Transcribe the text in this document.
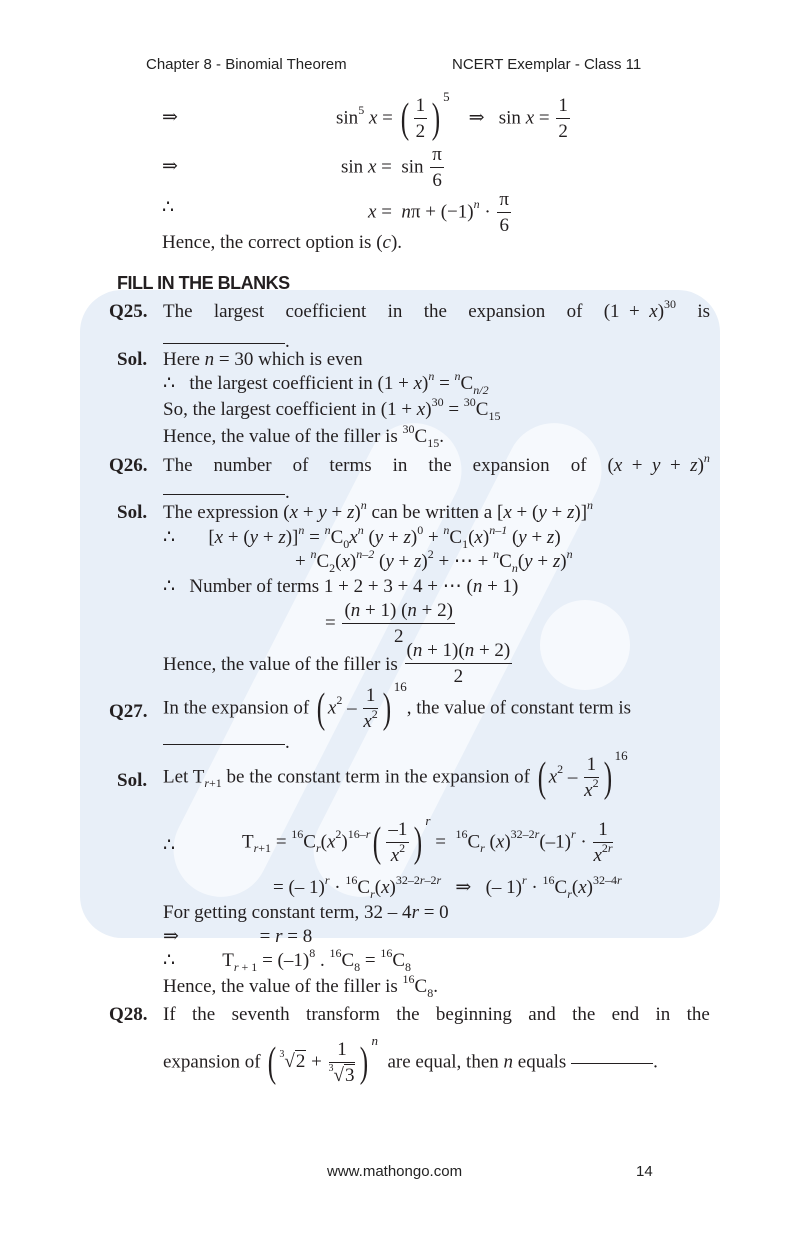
Chapter 8 - Binomial Theorem	NCERT Exemplar - Class 11
⇒	$\sin^5 x$ = ( $\frac{1}{2}$ ) $^5$    ⇒   $\sin x = \frac{1}{2}$
⇒	$\sin x = \sin \frac{\pi}{6}$
∴	$x = n\pi + (-1)^n \cdot \frac{\pi}{6}$
Hence, the correct option is (c).
FILL IN THE BLANKS
Q25. The largest coefficient in the expansion of $(1 + x)^{30}$ is
.
Sol. Here n = 30 which is even
∴   the largest coefficient in $(1 + x)^n = ^nC_{n/2}$
So, the largest coefficient in $(1 + x)^{30} = ^{30}C_{15}$
Hence, the value of the filler is $^{30}C_{15}$.
Q26. The number of terms in the expansion of $(x + y + z)^n$
.
Sol. The expression $(x + y + z)^n$ can be written a $[x + (y + z)]^n$
∴       $[x + (y + z)]^n = ^nC_0x^n$ $(y + z)^0 + ^nC_1(x)^{n-1}$ (y + z)
+ $^nC_2(x)^{n-2}$ $(y + z)^2$ + ⋯ + $^nC_n(y + z)^n$
∴   Number of terms 1 + 2 + 3 + 4 + ⋯ (n + 1)
= $\frac{(n + 1) (n + 2)}{2}$
Hence, the value of the filler is $\frac{(n + 1)(n + 2)}{2}$
Q27. In the expansion of ( $x^2 - \frac{1}{x^2}$ ) $^{16}$, the value of constant term is
.
Sol. Let $T_{r+1}$ be the constant term in the expansion of ( $x^2 - \frac{1}{x^2}$ ) $^{16}$
∴	$T_{r+1} = ^{16}C_r(x^2)^{16-r}( \frac{-1}{x^2}$ ) $^r = ^{16}C_r$ $(x)^{32-2r}(-1)^r \cdot \frac{1}{x^{2r}}$
= (– $1)^r \cdot ^{16}C_r(x)^{32-2r-2r}$   ⇒   (– $1)^r \cdot ^{16}C_r(x)^{32-4r}$
For getting constant term, 32 – 4r = 0
⇒                 = r = 8
∴          $T_r$ $_{+ 1} = (-1)^8$ . $^{16}C_8 = ^{16}C_8$
Hence, the value of the filler is $^{16}C_8$.
Q28. If the seventh transform the beginning and the end in the
expansion of ( 3 $√2 + \frac{1}{3 √3}$ ) $^n$  are equal, then n equals	.
www.mathongo.com	14
